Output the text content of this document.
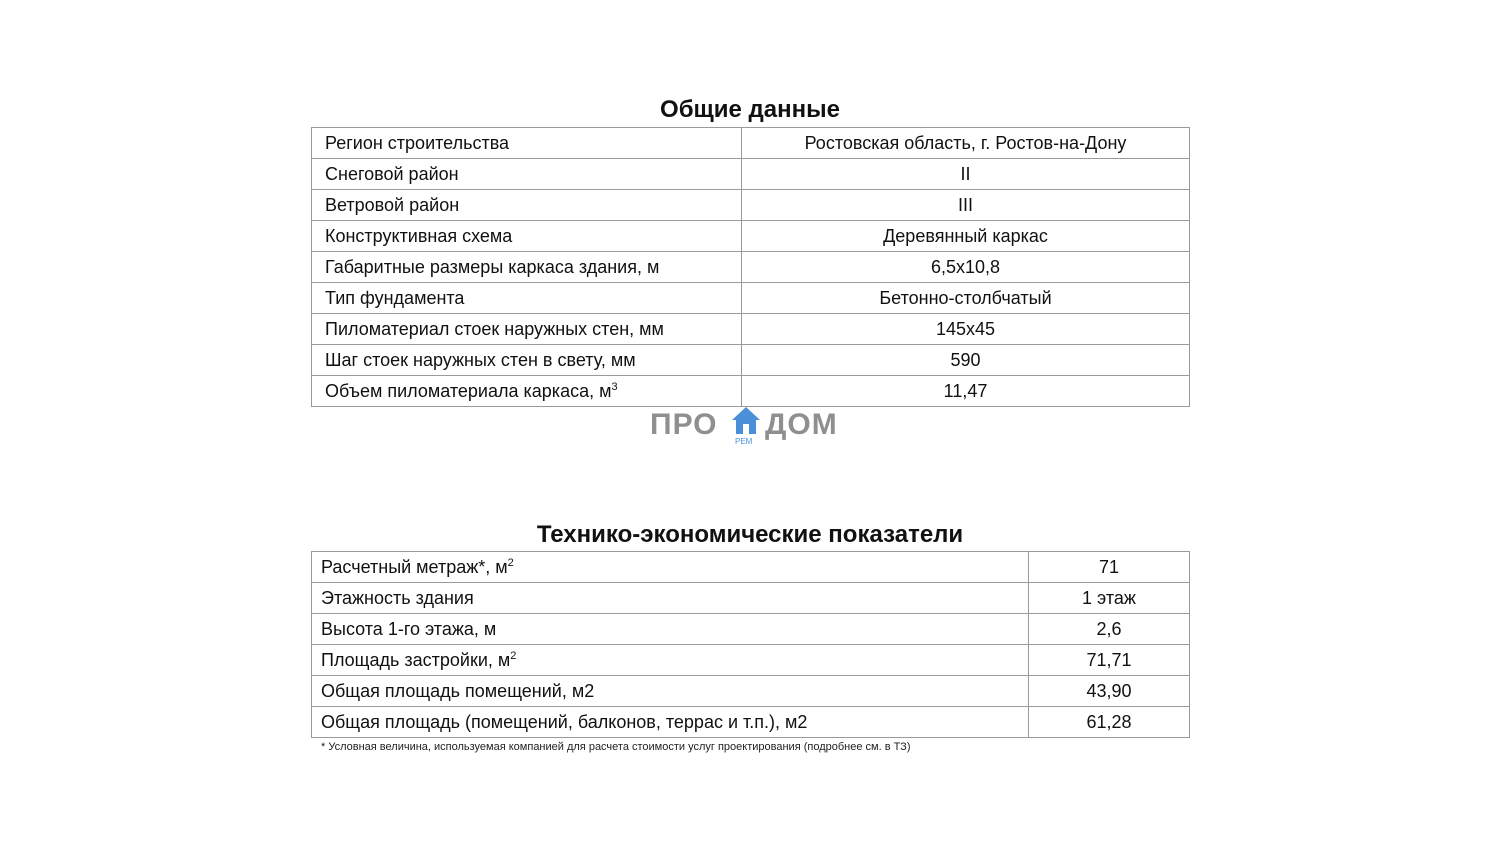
Общие данные
Регион строительства	Ростовская область, г. Ростов-на-Дону
Снеговой район	II
Ветровой район	III
Конструктивная схема	Деревянный каркас
Габаритные размеры каркаса здания, м	6,5х10,8
Тип фундамента	Бетонно-столбчатый
Пиломатериал стоек наружных стен, мм	145х45
Шаг стоек наружных стен в свету, мм	590
Объем пиломатериала каркаса, $м^3$	11,47
ПРО
РЕМ
ДОМ
Технико-экономические показатели
Расчетный метраж*, $м^2$	71
Этажность здания	1 этаж
Высота 1-го этажа, м	2,6
Площадь застройки, $м^2$	71,71
Общая площадь помещений, м2	43,90
Общая площадь (помещений, балконов, террас и т.п.), м2	61,28
* Условная величина, используемая компанией для расчета стоимости услуг проектирования (подробнее см. в ТЗ)
